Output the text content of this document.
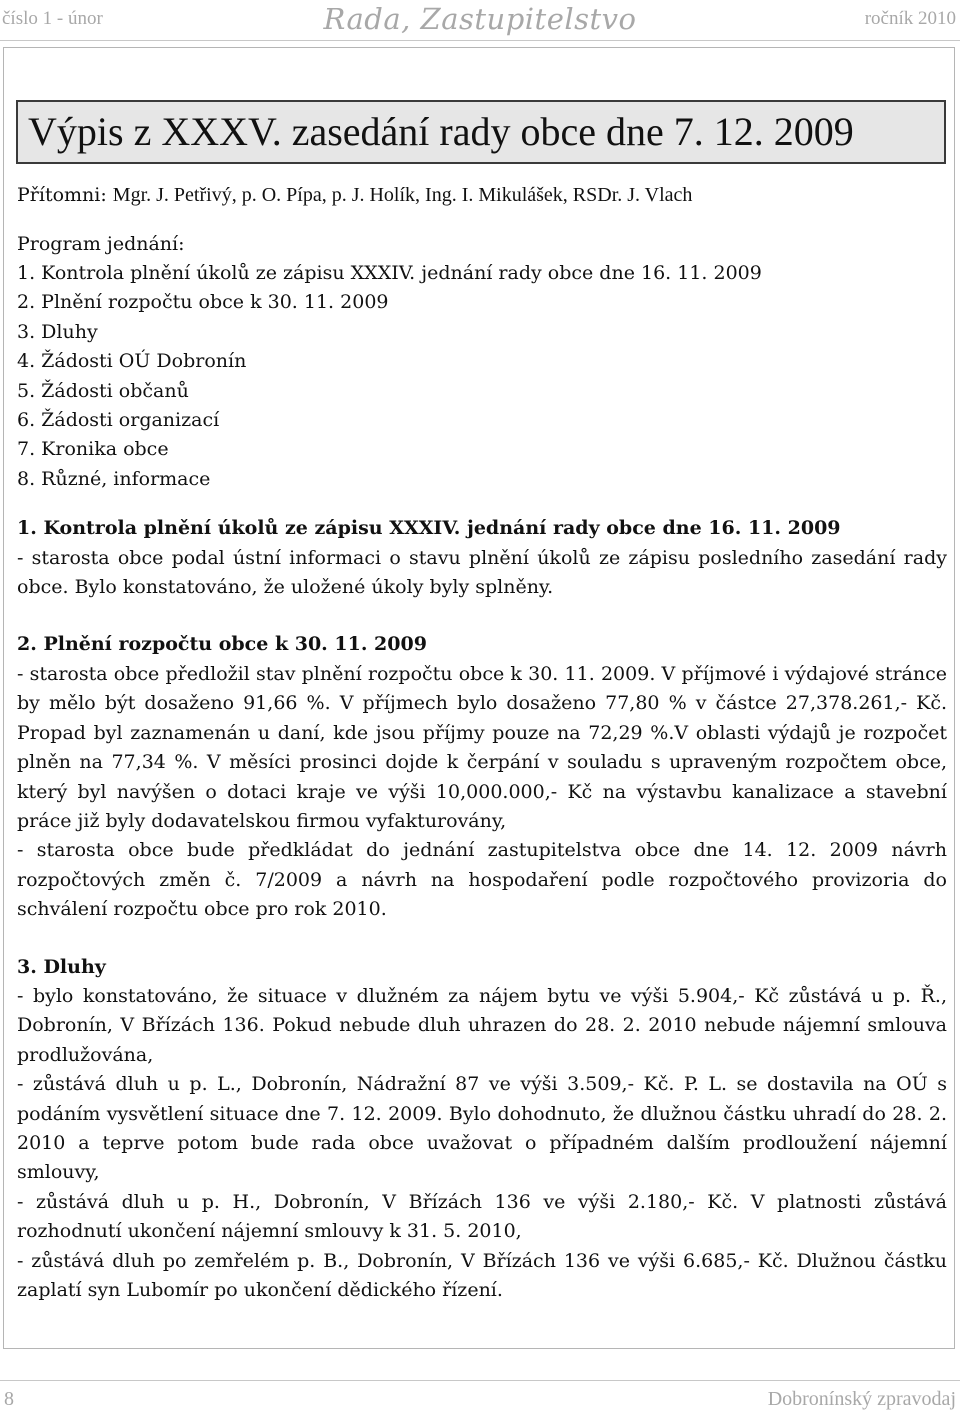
číslo 1 - únor	Rada, Zastupitelstvo	ročník 2010
Výpis z XXXV. zasedání rady obce dne 7. 12. 2009

Přítomni: Mgr. J. Petřivý, p. O. Pípa, p. J. Holík, Ing. I. Mikulášek, RSDr. J. Vlach

Program jednání:

1. Kontrola plnění úkolů ze zápisu XXXIV. jednání rady obce dne 16. 11. 2009
2. Plnění rozpočtu obce k 30. 11. 2009
3. Dluhy
4. Žádosti OÚ Dobronín
5. Žádosti občanů
6. Žádosti organizací
7. Kronika obce
8. Různé, informace

1. Kontrola plnění úkolů ze zápisu XXXIV. jednání rady obce dne 16. 11. 2009

- starosta obce podal ústní informaci o stavu plnění úkolů ze zápisu posledního zasedání rady obce. Bylo konstatováno, že uložené úkoly byly splněny.

2. Plnění rozpočtu obce k 30. 11. 2009

- starosta obce předložil stav plnění rozpočtu obce k 30. 11. 2009. V příjmové i výdajové stránce by mělo být dosaženo 91,66 %. V příjmech bylo dosaženo 77,80 % v částce 27,378.261,- Kč. Propad byl zaznamenán u daní, kde jsou příjmy pouze na 72,29 %.V oblasti výdajů je rozpočet plněn na 77,34 %. V měsíci prosinci dojde k čerpání v souladu s upraveným rozpočtem obce, který byl navýšen o dotaci kraje ve výši 10,000.000,- Kč na výstavbu kanalizace a stavební práce již byly dodavatelskou firmou vyfakturovány,

- starosta obce bude předkládat do jednání zastupitelstva obce dne 14. 12. 2009 návrh rozpočtových změn č. 7/2009 a návrh na hospodaření podle rozpočtového provizoria do schválení rozpočtu obce pro rok 2010.

3. Dluhy

- bylo konstatováno, že situace v dlužném za nájem bytu ve výši 5.904,- Kč zůstává u p. Ř., Dobronín, V Břízách 136. Pokud nebude dluh uhrazen do 28. 2. 2010 nebude nájemní smlouva prodlužována,

- zůstává dluh u p. L., Dobronín, Nádražní 87 ve výši 3.509,- Kč. P. L. se dostavila na OÚ s podáním vysvětlení situace dne 7. 12. 2009. Bylo dohodnuto, že dlužnou částku uhradí do 28. 2. 2010 a teprve potom bude rada obce uvažovat o případném dalším prodloužení nájemní smlouvy,

- zůstává dluh u p. H., Dobronín, V Břízách 136 ve výši 2.180,- Kč. V platnosti zůstává rozhodnutí ukončení nájemní smlouvy k 31. 5. 2010,

- zůstává dluh po zemřelém p. B., Dobronín, V Břízách 136 ve výši 6.685,- Kč. Dlužnou částku zaplatí syn Lubomír po ukončení dědického řízení.

8	Dobronínský zpravodaj
